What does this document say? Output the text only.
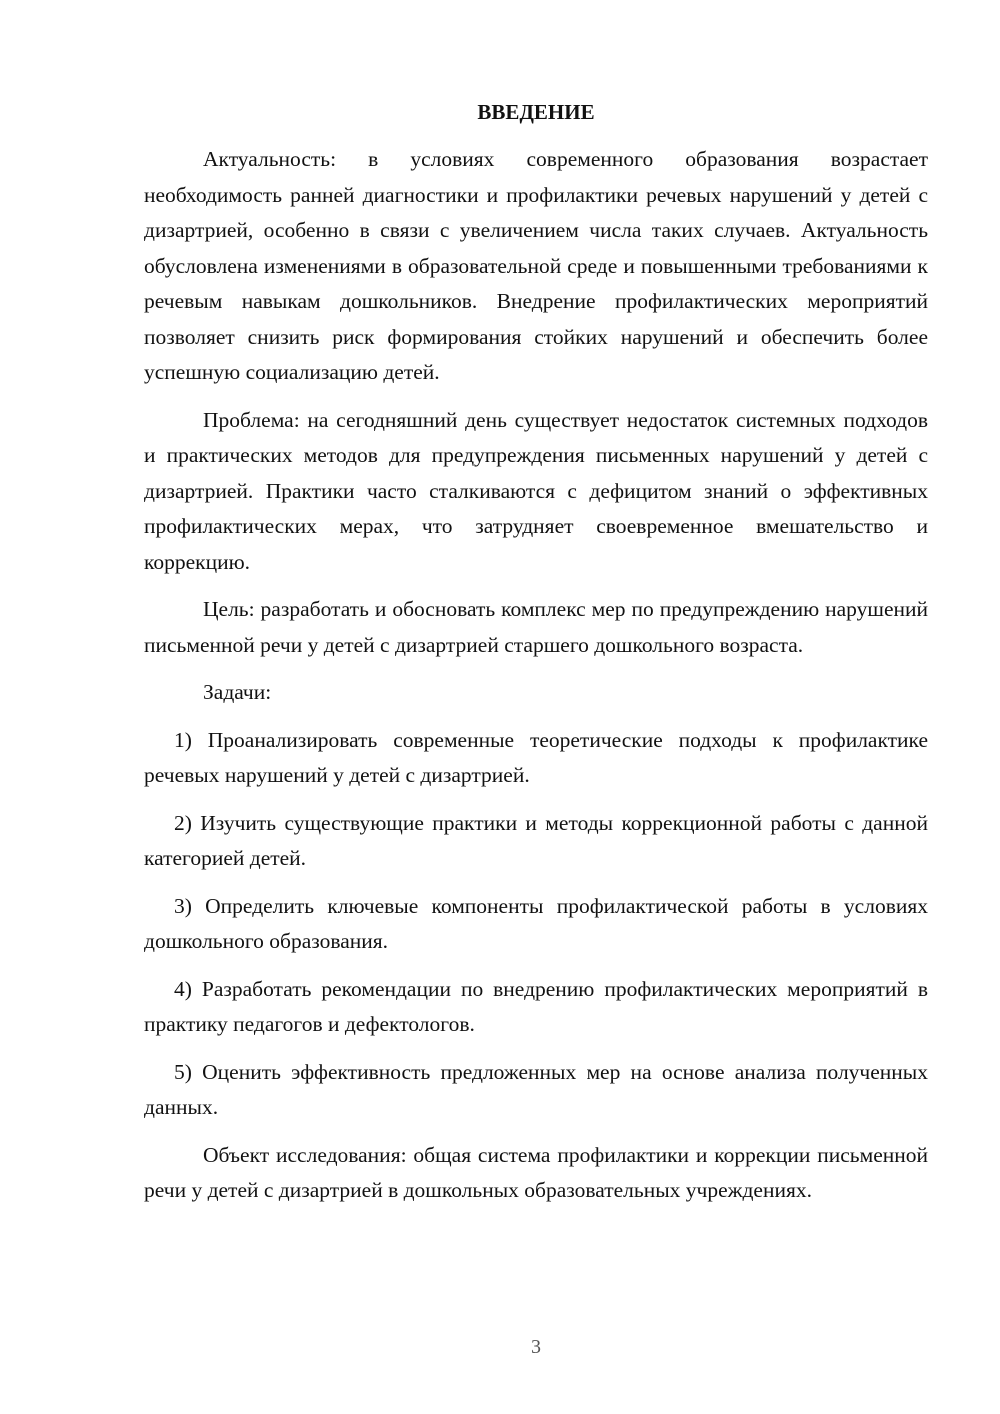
ВВЕДЕНИЕ

Актуальность: в условиях современного образования возрастает необходимость ранней диагностики и профилактики речевых нарушений у детей с дизартрией, особенно в связи с увеличением числа таких случаев. Актуальность обусловлена изменениями в образовательной среде и повышенными требованиями к речевым навыкам дошкольников. Внедрение профилактических мероприятий позволяет снизить риск формирования стойких нарушений и обеспечить более успешную социализацию детей.

Проблема: на сегодняшний день существует недостаток системных подходов и практических методов для предупреждения письменных нарушений у детей с дизартрией. Практики часто сталкиваются с дефицитом знаний о эффективных профилактических мерах, что затрудняет своевременное вмешательство и коррекцию.

Цель: разработать и обосновать комплекс мер по предупреждению нарушений письменной речи у детей с дизартрией старшего дошкольного возраста.

Задачи:

1) Проанализировать современные теоретические подходы к профилактике речевых нарушений у детей с дизартрией.

2) Изучить существующие практики и методы коррекционной работы с данной категорией детей.

3) Определить ключевые компоненты профилактической работы в условиях дошкольного образования.

4) Разработать рекомендации по внедрению профилактических мероприятий в практику педагогов и дефектологов.

5) Оценить эффективность предложенных мер на основе анализа полученных данных.

Объект исследования: общая система профилактики и коррекции письменной речи у детей с дизартрией в дошкольных образовательных учреждениях.

3
